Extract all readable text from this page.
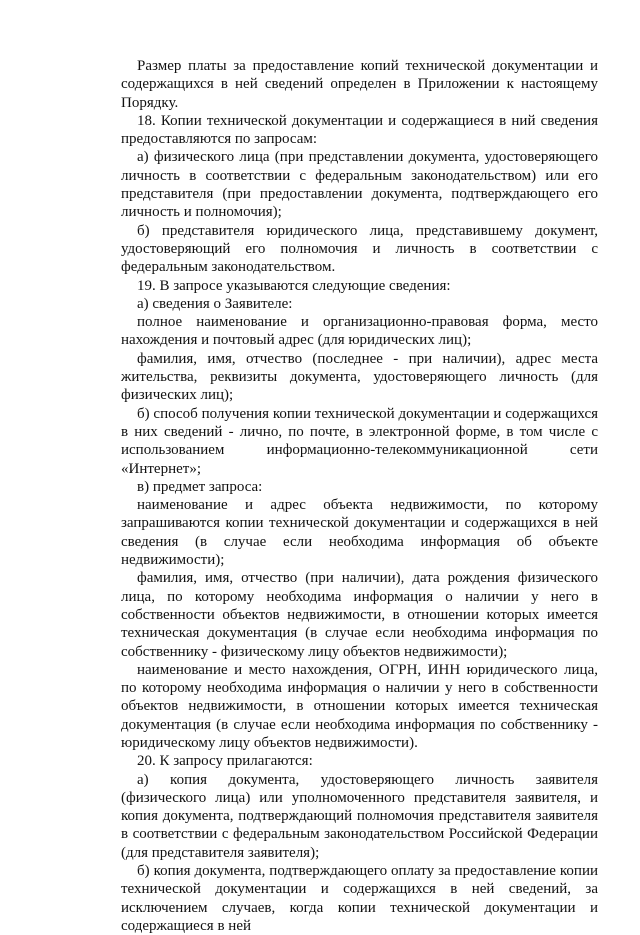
Размер платы за предоставление копий технической документации и содержащихся в ней сведений определен в Приложении к настоящему Порядку.

18. Копии технической документации и содержащиеся в ний сведения предоставляются по запросам:

а) физического лица (при представлении документа, удостоверяющего личность в соответствии с федеральным законодательством) или его представителя (при предоставлении документа, подтверждающего его личность и полномочия);

б) представителя юридического лица, представившему документ, удостоверяющий его полномочия и личность в соответствии с федеральным законодательством.

19. В запросе указываются следующие сведения:

а) сведения о Заявителе:

полное наименование и организационно-правовая форма, место нахождения и почтовый адрес (для юридических лиц);

фамилия, имя, отчество (последнее - при наличии), адрес места жительства, реквизиты документа, удостоверяющего личность (для физических лиц);

б) способ получения копии технической документации и содержащихся в них сведений - лично, по почте, в электронной форме, в том числе с использованием информационно-телекоммуникационной сети «Интернет»;

в) предмет запроса:

наименование и адрес объекта недвижимости, по которому запрашиваются копии технической документации и содержащихся в ней сведения (в случае если необходима информация об объекте недвижимости);

фамилия, имя, отчество (при наличии), дата рождения физического лица, по которому необходима информация о наличии у него в собственности объектов недвижимости, в отношении которых имеется техническая документация (в случае если необходима информация по собственнику - физическому лицу объектов недвижимости);

наименование и место нахождения, ОГРН, ИНН юридического лица, по которому необходима информация о наличии у него в собственности объектов недвижимости, в отношении которых имеется техническая документация (в случае если необходима информация по собственнику - юридическому лицу объектов недвижимости).

20. К запросу прилагаются:

а) копия документа, удостоверяющего личность заявителя (физического лица) или уполномоченного представителя заявителя, и копия документа, подтверждающий полномочия представителя заявителя в соответствии с федеральным законодательством Российской Федерации (для представителя заявителя);

б) копия документа, подтверждающего оплату за предоставление копии технической документации и содержащихся в ней сведений, за исключением случаев, когда копии технической документации и содержащиеся в ней
